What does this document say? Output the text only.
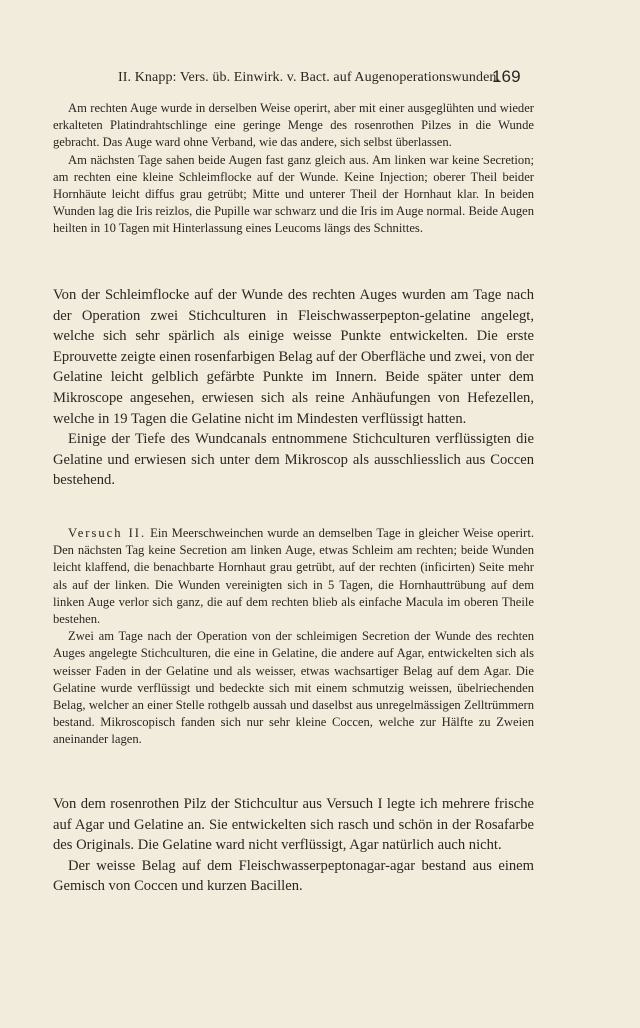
II. Knapp: Vers. üb. Einwirk. v. Bact. auf Augenoperationswunden.
169

Am rechten Auge wurde in derselben Weise operirt, aber mit einer ausgeglühten und wieder erkalteten Platindrahtschlinge eine geringe Menge des rosenrothen Pilzes in die Wunde gebracht. Das Auge ward ohne Verband, wie das andere, sich selbst überlassen.

Am nächsten Tage sahen beide Augen fast ganz gleich aus. Am linken war keine Secretion; am rechten eine kleine Schleimflocke auf der Wunde. Keine Injection; oberer Theil beider Hornhäute leicht diffus grau getrübt; Mitte und unterer Theil der Hornhaut klar. In beiden Wunden lag die Iris reizlos, die Pupille war schwarz und die Iris im Auge normal. Beide Augen heilten in 10 Tagen mit Hinterlassung eines Leucoms längs des Schnittes.

Von der Schleimflocke auf der Wunde des rechten Auges wurden am Tage nach der Operation zwei Stichculturen in Fleischwasserpepton-gelatine angelegt, welche sich sehr spärlich als einige weisse Punkte entwickelten. Die erste Eprouvette zeigte einen rosenfarbigen Belag auf der Oberfläche und zwei, von der Gelatine leicht gelblich gefärbte Punkte im Innern. Beide später unter dem Mikroscope angesehen, erwiesen sich als reine Anhäufungen von Hefezellen, welche in 19 Tagen die Gelatine nicht im Mindesten verflüssigt hatten.

Einige der Tiefe des Wundcanals entnommene Stichculturen verflüssigten die Gelatine und erwiesen sich unter dem Mikroscop als ausschliesslich aus Coccen bestehend.

Versuch II. Ein Meerschweinchen wurde an demselben Tage in gleicher Weise operirt. Den nächsten Tag keine Secretion am linken Auge, etwas Schleim am rechten; beide Wunden leicht klaffend, die benachbarte Hornhaut grau getrübt, auf der rechten (inficirten) Seite mehr als auf der linken. Die Wunden vereinigten sich in 5 Tagen, die Hornhauttrübung auf dem linken Auge verlor sich ganz, die auf dem rechten blieb als einfache Macula im oberen Theile bestehen.

Zwei am Tage nach der Operation von der schleimigen Secretion der Wunde des rechten Auges angelegte Stichculturen, die eine in Gelatine, die andere auf Agar, entwickelten sich als weisser Faden in der Gelatine und als weisser, etwas wachsartiger Belag auf dem Agar. Die Gelatine wurde verflüssigt und bedeckte sich mit einem schmutzig weissen, übelriechenden Belag, welcher an einer Stelle rothgelb aussah und daselbst aus unregelmässigen Zelltrümmern bestand. Mikroscopisch fanden sich nur sehr kleine Coccen, welche zur Hälfte zu Zweien aneinander lagen.

Von dem rosenrothen Pilz der Stichcultur aus Versuch I legte ich mehrere frische auf Agar und Gelatine an. Sie entwickelten sich rasch und schön in der Rosafarbe des Originals. Die Gelatine ward nicht verflüssigt, Agar natürlich auch nicht.

Der weisse Belag auf dem Fleischwasserpeptonagar-agar bestand aus einem Gemisch von Coccen und kurzen Bacillen.
